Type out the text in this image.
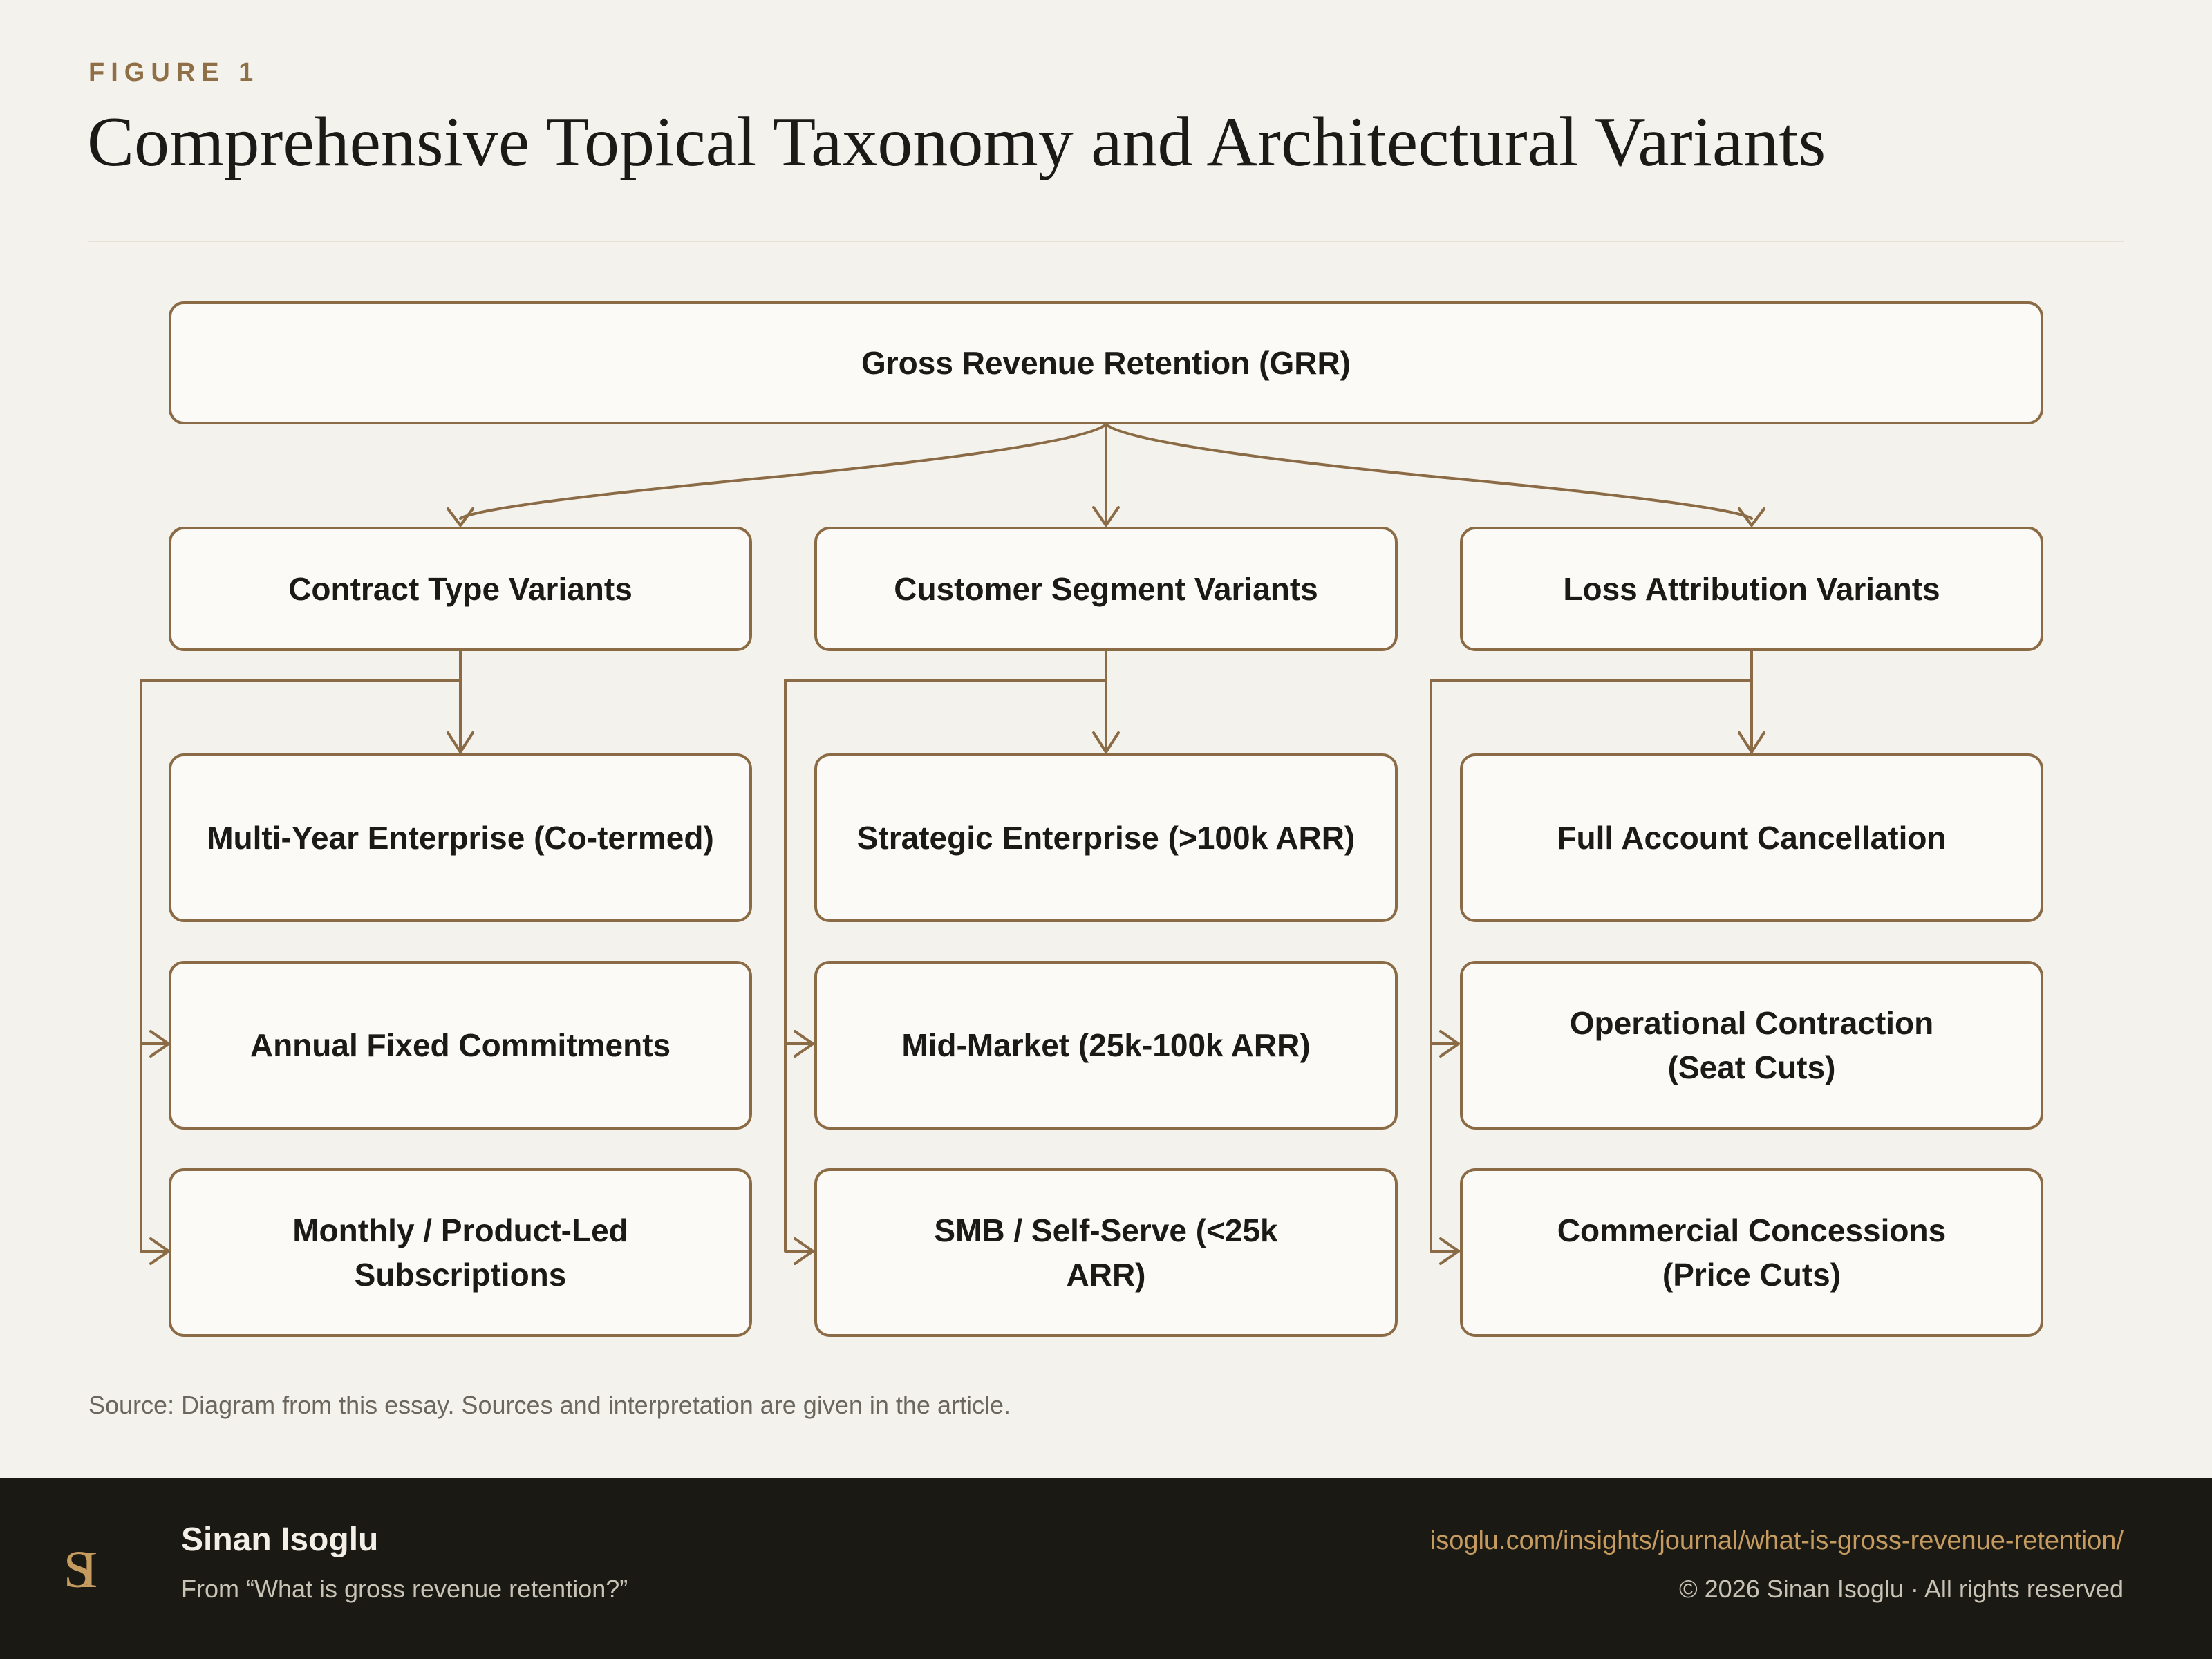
FIGURE 1
Comprehensive Topical Taxonomy and Architectural Variants
Gross Revenue Retention (GRR)
Contract Type Variants	Customer Segment Variants	Loss Attribution Variants
Multi-Year Enterprise (Co-termed)
Annual Fixed Commitments
Monthly / Product-Led Subscriptions
Strategic Enterprise (>100k ARR)
Mid-Market (25k-100k ARR)
SMB / Self-Serve (<25k ARR)
Full Account Cancellation
Operational Contraction (Seat Cuts)
Commercial Concessions (Price Cuts)
Source: Diagram from this essay. Sources and interpretation are given in the article.
SI
Sinan Isoglu
From “What is gross revenue retention?”
isoglu.com/insights/journal/what-is-gross-revenue-retention/
© 2026 Sinan Isoglu · All rights reserved
